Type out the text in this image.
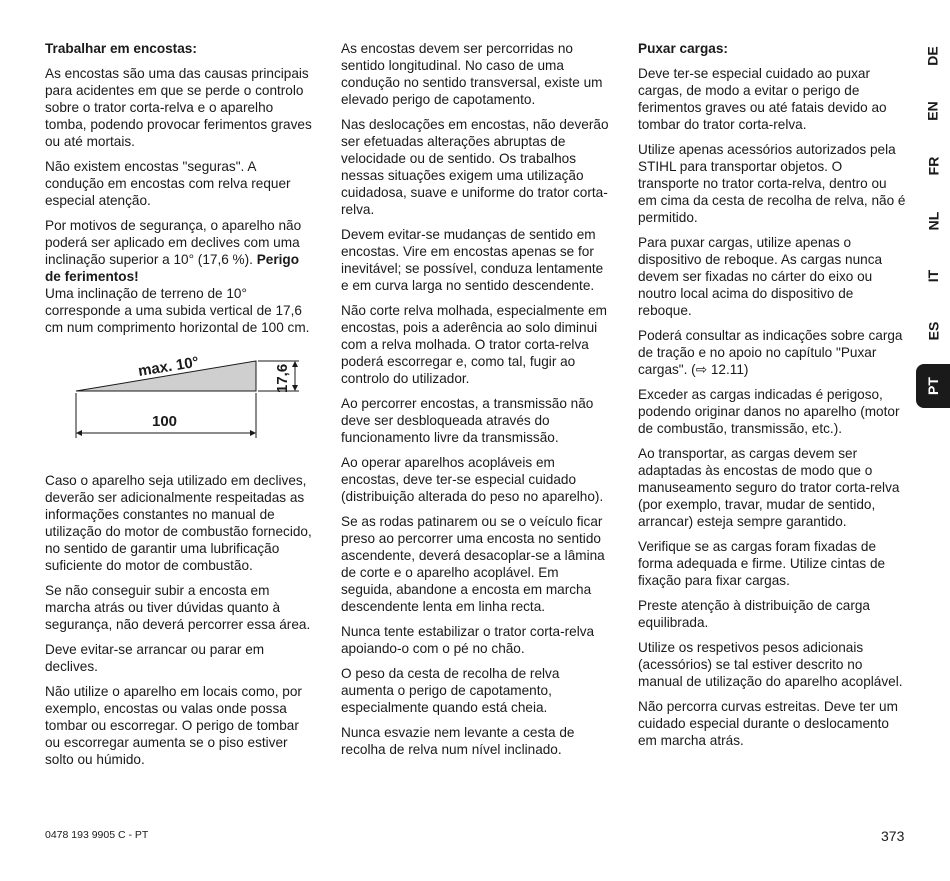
Trabalhar em encostas:

As encostas são uma das causas principais para acidentes em que se perde o controlo sobre o trator corta-relva e o aparelho tomba, podendo provocar ferimentos graves ou até mortais.

Não existem encostas "seguras". A condução em encostas com relva requer especial atenção.

Por motivos de segurança, o aparelho não poderá ser aplicado em declives com uma inclinação superior a 10° (17,6 %). Perigo de ferimentos!

Uma inclinação de terreno de 10° corresponde a uma subida vertical de 17,6 cm num comprimento horizontal de 100 cm.

max. 10°	17,6
100

Caso o aparelho seja utilizado em declives, deverão ser adicionalmente respeitadas as informações constantes no manual de utilização do motor de combustão fornecido, no sentido de garantir uma lubrificação suficiente do motor de combustão.

Se não conseguir subir a encosta em marcha atrás ou tiver dúvidas quanto à segurança, não deverá percorrer essa área.

Deve evitar-se arrancar ou parar em declives.

Não utilize o aparelho em locais como, por exemplo, encostas ou valas onde possa tombar ou escorregar. O perigo de tombar ou escorregar aumenta se o piso estiver solto ou húmido.

As encostas devem ser percorridas no sentido longitudinal. No caso de uma condução no sentido transversal, existe um elevado perigo de capotamento.

Nas deslocações em encostas, não deverão ser efetuadas alterações abruptas de velocidade ou de sentido. Os trabalhos nessas situações exigem uma utilização cuidadosa, suave e uniforme do trator corta-relva.

Devem evitar-se mudanças de sentido em encostas. Vire em encostas apenas se for inevitável; se possível, conduza lentamente e em curva larga no sentido descendente.

Não corte relva molhada, especialmente em encostas, pois a aderência ao solo diminui com a relva molhada. O trator corta-relva poderá escorregar e, como tal, fugir ao controlo do utilizador.

Ao percorrer encostas, a transmissão não deve ser desbloqueada através do funcionamento livre da transmissão.

Ao operar aparelhos acopláveis em encostas, deve ter-se especial cuidado (distribuição alterada do peso no aparelho).

Se as rodas patinarem ou se o veículo ficar preso ao percorrer uma encosta no sentido ascendente, deverá desacoplar-se a lâmina de corte e o aparelho acoplável. Em seguida, abandone a encosta em marcha descendente lenta em linha recta.

Nunca tente estabilizar o trator corta-relva apoiando-o com o pé no chão.

O peso da cesta de recolha de relva aumenta o perigo de capotamento, especialmente quando está cheia.

Nunca esvazie nem levante a cesta de recolha de relva num nível inclinado.

Puxar cargas:

Deve ter-se especial cuidado ao puxar cargas, de modo a evitar o perigo de ferimentos graves ou até fatais devido ao tombar do trator corta-relva.

Utilize apenas acessórios autorizados pela STIHL para transportar objetos. O transporte no trator corta-relva, dentro ou em cima da cesta de recolha de relva, não é permitido.

Para puxar cargas, utilize apenas o dispositivo de reboque. As cargas nunca devem ser fixadas no cárter do eixo ou noutro local acima do dispositivo de reboque.

Poderá consultar as indicações sobre carga de tração e no apoio no capítulo "Puxar cargas". (⇨ 12.11)

Exceder as cargas indicadas é perigoso, podendo originar danos no aparelho (motor de combustão, transmissão, etc.).

Ao transportar, as cargas devem ser adaptadas às encostas de modo que o manuseamento seguro do trator corta-relva (por exemplo, travar, mudar de sentido, arrancar) esteja sempre garantido.

Verifique se as cargas foram fixadas de forma adequada e firme. Utilize cintas de fixação para fixar cargas.

Preste atenção à distribuição de carga equilibrada.

Utilize os respetivos pesos adicionais (acessórios) se tal estiver descrito no manual de utilização do aparelho acoplável.

Não percorra curvas estreitas. Deve ter um cuidado especial durante o deslocamento em marcha atrás.

DE
EN
FR
NL
IT
ES
PT
0478 193 9905 C - PT	373
